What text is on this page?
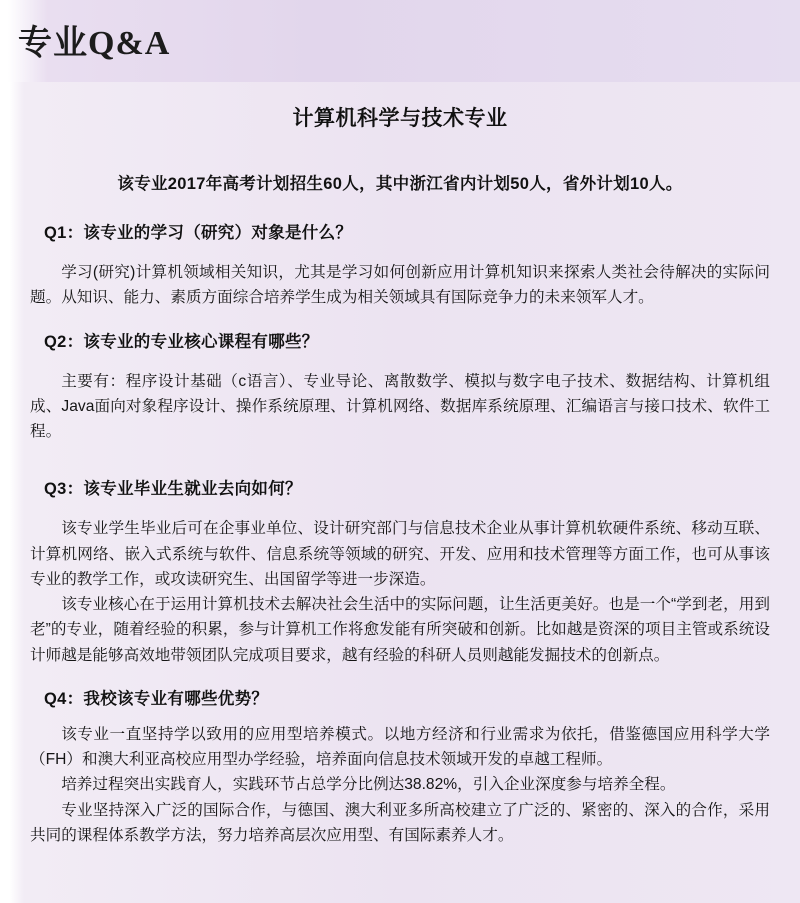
专业Q&A
计算机科学与技术专业
该专业2017年高考计划招生60人，其中浙江省内计划50人，省外计划10人。
Q1：该专业的学习（研究）对象是什么？
学习(研究)计算机领域相关知识，尤其是学习如何创新应用计算机知识来探索人类社会待解决的实际问题。从知识、能力、素质方面综合培养学生成为相关领域具有国际竞争力的未来领军人才。
Q2：该专业的专业核心课程有哪些？
主要有：程序设计基础（c语言）、专业导论、离散数学、模拟与数字电子技术、数据结构、计算机组成、Java面向对象程序设计、操作系统原理、计算机网络、数据库系统原理、汇编语言与接口技术、软件工程。
Q3：该专业毕业生就业去向如何？
该专业学生毕业后可在企事业单位、设计研究部门与信息技术企业从事计算机软硬件系统、移动互联、计算机网络、嵌入式系统与软件、信息系统等领域的研究、开发、应用和技术管理等方面工作，也可从事该专业的教学工作，或攻读研究生、出国留学等进一步深造。
该专业核心在于运用计算机技术去解决社会生活中的实际问题，让生活更美好。也是一个“学到老，用到老”的专业，随着经验的积累，参与计算机工作将愈发能有所突破和创新。比如越是资深的项目主管或系统设计师越是能够高效地带领团队完成项目要求，越有经验的科研人员则越能发掘技术的创新点。
Q4：我校该专业有哪些优势？
该专业一直坚持学以致用的应用型培养模式。以地方经济和行业需求为依托，借鉴德国应用科学大学（FH）和澳大利亚高校应用型办学经验，培养面向信息技术领域开发的卓越工程师。
培养过程突出实践育人，实践环节占总学分比例达38.82%，引入企业深度参与培养全程。
专业坚持深入广泛的国际合作，与德国、澳大利亚多所高校建立了广泛的、紧密的、深入的合作，采用共同的课程体系教学方法，努力培养高层次应用型、有国际素养人才。
